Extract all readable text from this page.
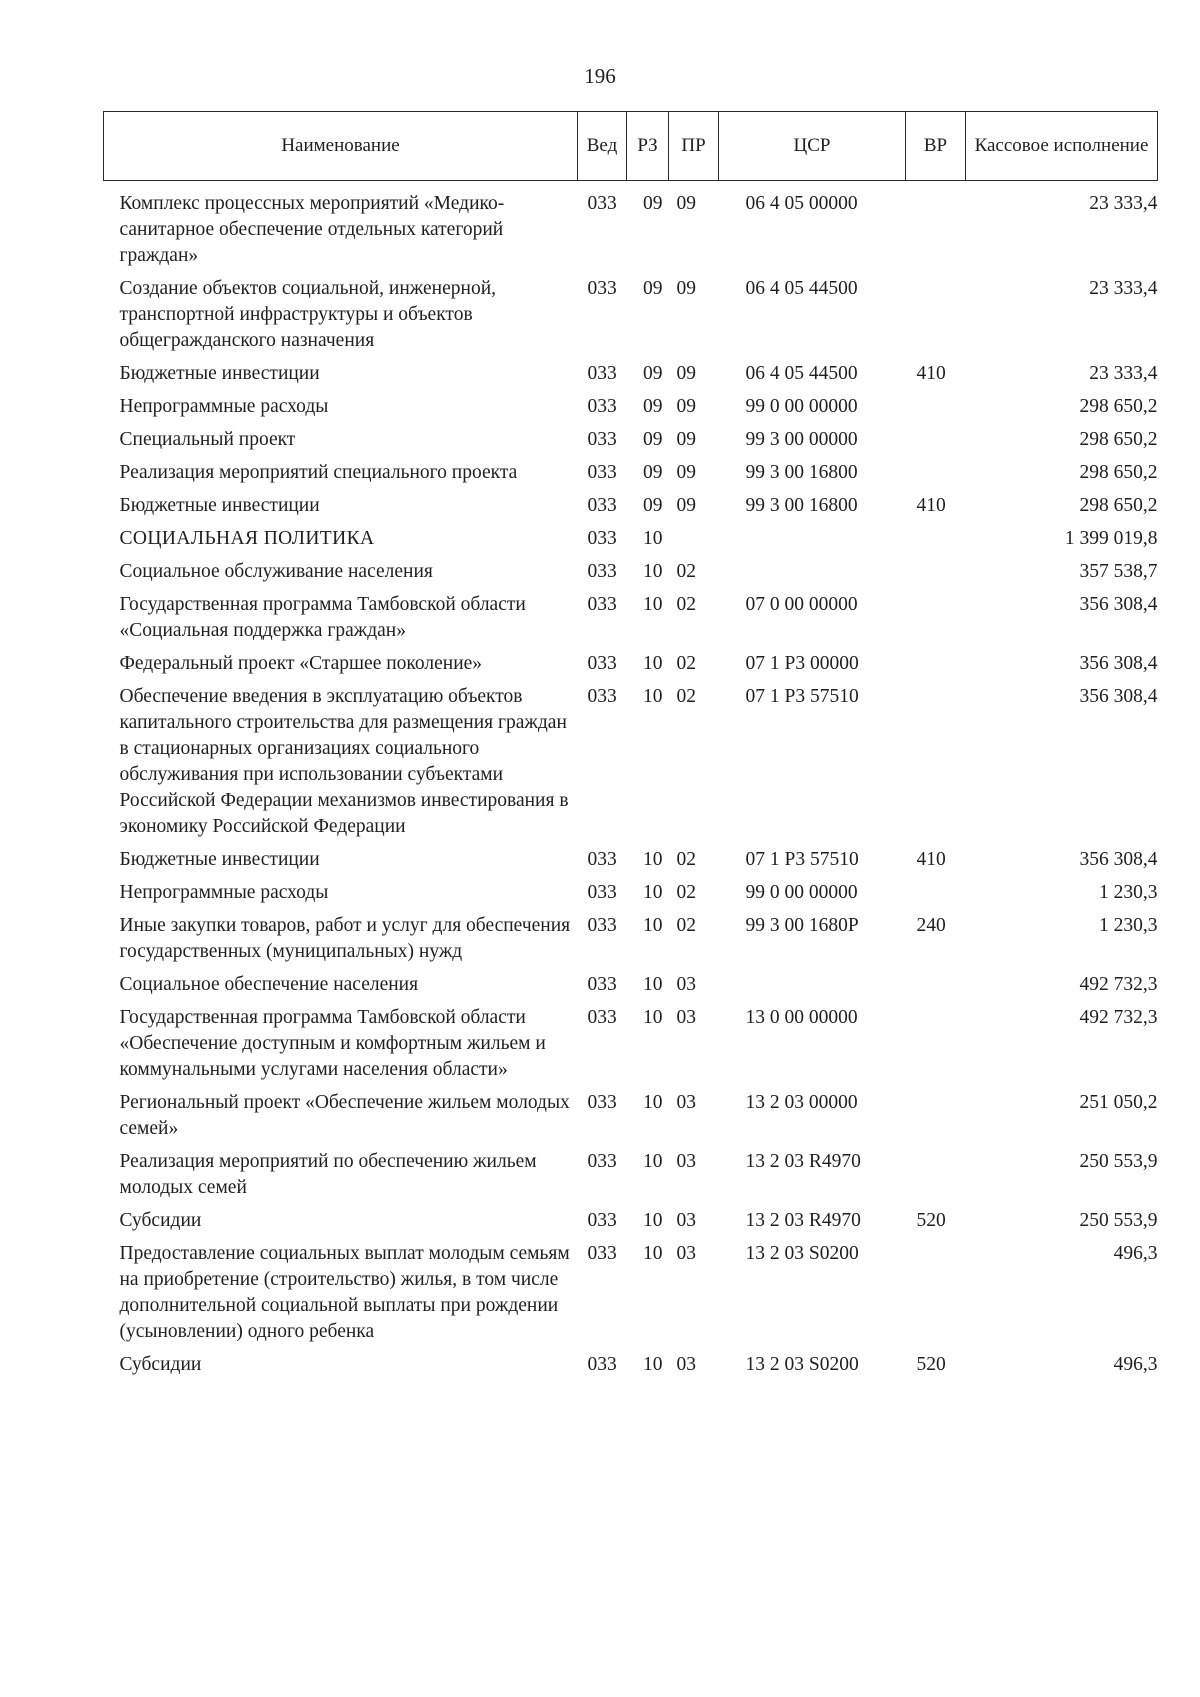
196
Наименование	Вед	РЗ	ПР	ЦСР	ВР	Кассовое исполнение
Комплекс процессных мероприятий «Медико-санитарное обеспечение отдельных категорий граждан»	033	09	09	06 4 05 00000		23 333,4
Создание объектов социальной, инженерной, транспортной инфраструктуры и объектов общегражданского назначения	033	09	09	06 4 05 44500		23 333,4
Бюджетные инвестиции	033	09	09	06 4 05 44500	410	23 333,4
Непрограммные расходы	033	09	09	99 0 00 00000		298 650,2
Специальный проект	033	09	09	99 3 00 00000		298 650,2
Реализация мероприятий специального проекта	033	09	09	99 3 00 16800		298 650,2
Бюджетные инвестиции	033	09	09	99 3 00 16800	410	298 650,2
СОЦИАЛЬНАЯ ПОЛИТИКА	033	10				1 399 019,8
Социальное обслуживание населения	033	10	02			357 538,7
Государственная программа Тамбовской области «Социальная поддержка граждан»	033	10	02	07 0 00 00000		356 308,4
Федеральный проект «Старшее поколение»	033	10	02	07 1 Р3 00000		356 308,4
Обеспечение введения в эксплуатацию объектов капитального строительства для размещения граждан в стационарных организациях социального обслуживания при использовании субъектами Российской Федерации механизмов инвестирования в экономику Российской Федерации	033	10	02	07 1 Р3 57510		356 308,4
Бюджетные инвестиции	033	10	02	07 1 Р3 57510	410	356 308,4
Непрограммные расходы	033	10	02	99 0 00 00000		1 230,3
Иные закупки товаров, работ и услуг для обеспечения государственных (муниципальных) нужд	033	10	02	99 3 00 1680Р	240	1 230,3
Социальное обеспечение населения	033	10	03			492 732,3
Государственная программа Тамбовской области «Обеспечение доступным и комфортным жильем и коммунальными услугами населения области»	033	10	03	13 0 00 00000		492 732,3
Региональный проект «Обеспечение жильем молодых семей»	033	10	03	13 2 03 00000		251 050,2
Реализация мероприятий по обеспечению жильем молодых семей	033	10	03	13 2 03 R4970		250 553,9
Субсидии	033	10	03	13 2 03 R4970	520	250 553,9
Предоставление социальных выплат молодым семьям на приобретение (строительство) жилья, в том числе дополнительной социальной выплаты при рождении (усыновлении) одного ребенка	033	10	03	13 2 03 S0200		496,3
Субсидии	033	10	03	13 2 03 S0200	520	496,3
